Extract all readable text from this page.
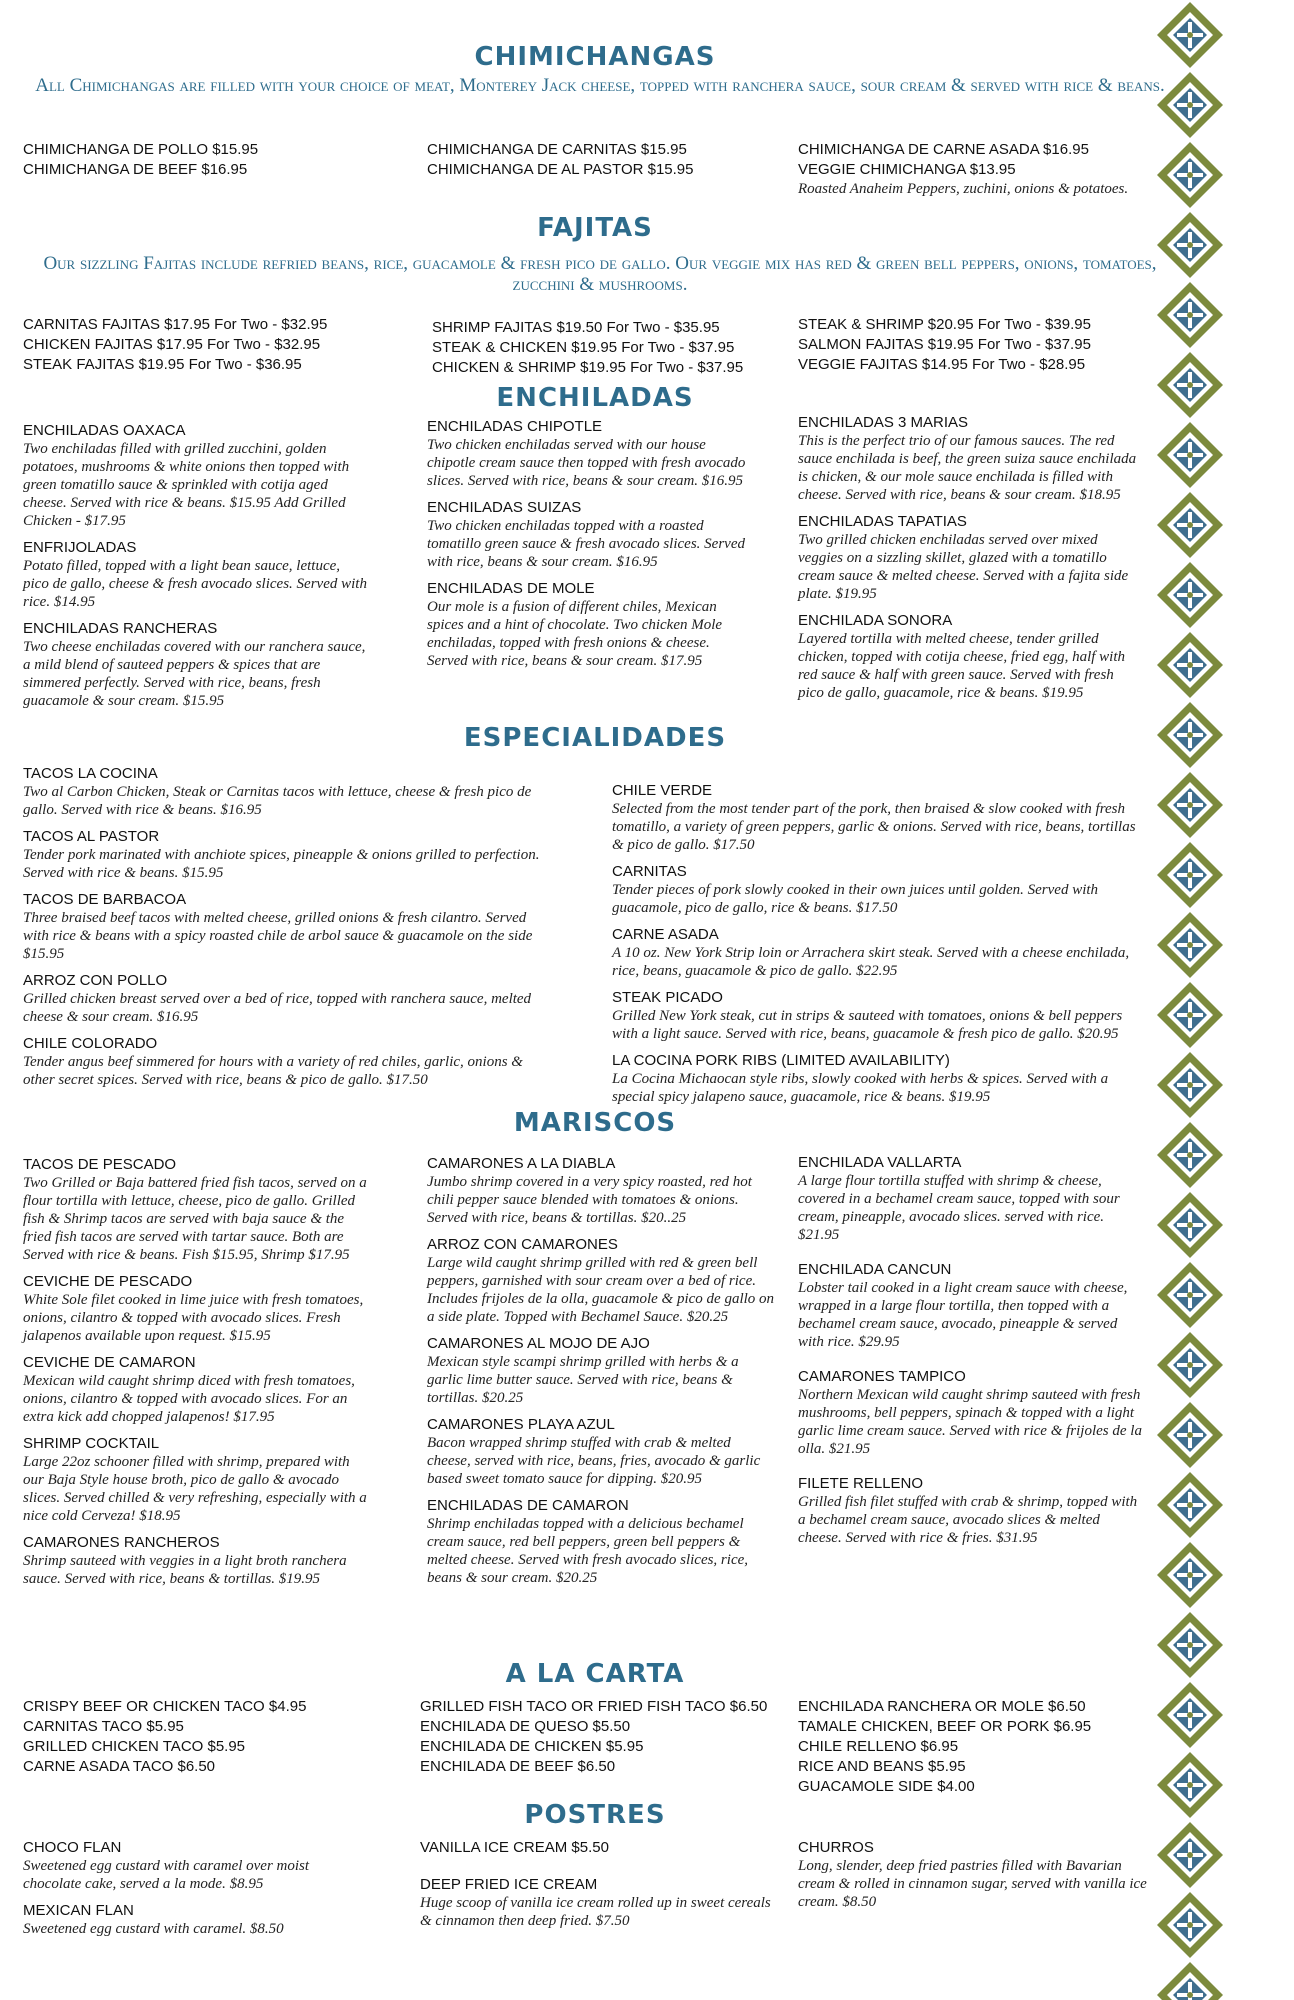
CHIMICHANGAS

All Chimichangas are filled with your choice of meat, Monterey Jack cheese, topped with ranchera sauce, sour cream & served with rice & beans.

CHIMICHANGA DE POLLO $15.95
CHIMICHANGA DE BEEF $16.95
CHIMICHANGA DE CARNITAS $15.95
CHIMICHANGA DE AL PASTOR $15.95
CHIMICHANGA DE CARNE ASADA $16.95
VEGGIE CHIMICHANGA $13.95
Roasted Anaheim Peppers, zuchini, onions & potatoes.
FAJITAS

Our sizzling Fajitas include refried beans, rice, guacamole & fresh pico de gallo. Our veggie mix has red & green bell peppers, onions, tomatoes, zucchini & mushrooms.

CARNITAS FAJITAS $17.95 For Two - $32.95
CHICKEN FAJITAS $17.95 For Two - $32.95
STEAK FAJITAS $19.95 For Two - $36.95
SHRIMP FAJITAS $19.50 For Two - $35.95
STEAK & CHICKEN $19.95 For Two - $37.95
CHICKEN & SHRIMP $19.95 For Two - $37.95
STEAK & SHRIMP $20.95 For Two - $39.95
SALMON FAJITAS $19.95 For Two - $37.95
VEGGIE FAJITAS $14.95 For Two - $28.95
ENCHILADAS
ENCHILADAS OAXACA
Two enchiladas filled with grilled zucchini, golden potatoes, mushrooms & white onions then topped with green tomatillo sauce & sprinkled with cotija aged cheese. Served with rice & beans. $15.95 Add Grilled Chicken - $17.95
ENFRIJOLADAS
Potato filled, topped with a light bean sauce, lettuce, pico de gallo, cheese & fresh avocado slices. Served with rice. $14.95
ENCHILADAS RANCHERAS
Two cheese enchiladas covered with our ranchera sauce, a mild blend of sauteed peppers & spices that are simmered perfectly. Served with rice, beans, fresh guacamole & sour cream. $15.95
ENCHILADAS CHIPOTLE
Two chicken enchiladas served with our house chipotle cream sauce then topped with fresh avocado slices. Served with rice, beans & sour cream. $16.95
ENCHILADAS SUIZAS
Two chicken enchiladas topped with a roasted tomatillo green sauce & fresh avocado slices. Served with rice, beans & sour cream. $16.95
ENCHILADAS DE MOLE
Our mole is a fusion of different chiles, Mexican spices and a hint of chocolate. Two chicken Mole enchiladas, topped with fresh onions & cheese. Served with rice, beans & sour cream. $17.95
ENCHILADAS 3 MARIAS
This is the perfect trio of our famous sauces. The red sauce enchilada is beef, the green suiza sauce enchilada is chicken, & our mole sauce enchilada is filled with cheese. Served with rice, beans & sour cream. $18.95
ENCHILADAS TAPATIAS
Two grilled chicken enchiladas served over mixed veggies on a sizzling skillet, glazed with a tomatillo cream sauce & melted cheese. Served with a fajita side plate. $19.95
ENCHILADA SONORA
Layered tortilla with melted cheese, tender grilled chicken, topped with cotija cheese, fried egg, half with red sauce & half with green sauce. Served with fresh pico de gallo, guacamole, rice & beans. $19.95
ESPECIALIDADES
TACOS LA COCINA
Two al Carbon Chicken, Steak or Carnitas tacos with lettuce, cheese & fresh pico de gallo. Served with rice & beans. $16.95
TACOS AL PASTOR
Tender pork marinated with anchiote spices, pineapple & onions grilled to perfection. Served with rice & beans. $15.95
TACOS DE BARBACOA
Three braised beef tacos with melted cheese, grilled onions & fresh cilantro. Served with rice & beans with a spicy roasted chile de arbol sauce & guacamole on the side $15.95
ARROZ CON POLLO
Grilled chicken breast served over a bed of rice, topped with ranchera sauce, melted cheese & sour cream. $16.95
CHILE COLORADO
Tender angus beef simmered for hours with a variety of red chiles, garlic, onions & other secret spices. Served with rice, beans & pico de gallo. $17.50
CHILE VERDE
Selected from the most tender part of the pork, then braised & slow cooked with fresh tomatillo, a variety of green peppers, garlic & onions. Served with rice, beans, tortillas & pico de gallo. $17.50
CARNITAS
Tender pieces of pork slowly cooked in their own juices until golden. Served with guacamole, pico de gallo, rice & beans. $17.50
CARNE ASADA
A 10 oz. New York Strip loin or Arrachera skirt steak. Served with a cheese enchilada, rice, beans, guacamole & pico de gallo. $22.95
STEAK PICADO
Grilled New York steak, cut in strips & sauteed with tomatoes, onions & bell peppers with a light sauce. Served with rice, beans, guacamole & fresh pico de gallo. $20.95
LA COCINA PORK RIBS (LIMITED AVAILABILITY)
La Cocina Michaocan style ribs, slowly cooked with herbs & spices. Served with a special spicy jalapeno sauce, guacamole, rice & beans. $19.95
MARISCOS
TACOS DE PESCADO
Two Grilled or Baja battered fried fish tacos, served on a flour tortilla with lettuce, cheese, pico de gallo. Grilled fish & Shrimp tacos are served with baja sauce & the fried fish tacos are served with tartar sauce. Both are Served with rice & beans. Fish $15.95, Shrimp $17.95
CEVICHE DE PESCADO
White Sole filet cooked in lime juice with fresh tomatoes, onions, cilantro & topped with avocado slices. Fresh jalapenos available upon request. $15.95
CEVICHE DE CAMARON
Mexican wild caught shrimp diced with fresh tomatoes, onions, cilantro & topped with avocado slices. For an extra kick add chopped jalapenos! $17.95
SHRIMP COCKTAIL
Large 22oz schooner filled with shrimp, prepared with our Baja Style house broth, pico de gallo & avocado slices. Served chilled & very refreshing, especially with a nice cold Cerveza! $18.95
CAMARONES RANCHEROS
Shrimp sauteed with veggies in a light broth ranchera sauce. Served with rice, beans & tortillas. $19.95
CAMARONES A LA DIABLA
Jumbo shrimp covered in a very spicy roasted, red hot chili pepper sauce blended with tomatoes & onions. Served with rice, beans & tortillas. $20..25
ARROZ CON CAMARONES
Large wild caught shrimp grilled with red & green bell peppers, garnished with sour cream over a bed of rice. Includes frijoles de la olla, guacamole & pico de gallo on a side plate. Topped with Bechamel Sauce. $20.25
CAMARONES AL MOJO DE AJO
Mexican style scampi shrimp grilled with herbs & a garlic lime butter sauce. Served with rice, beans & tortillas. $20.25
CAMARONES PLAYA AZUL
Bacon wrapped shrimp stuffed with crab & melted cheese, served with rice, beans, fries, avocado & garlic based sweet tomato sauce for dipping. $20.95
ENCHILADAS DE CAMARON
Shrimp enchiladas topped with a delicious bechamel cream sauce, red bell peppers, green bell peppers & melted cheese. Served with fresh avocado slices, rice, beans & sour cream. $20.25
ENCHILADA VALLARTA
A large flour tortilla stuffed with shrimp & cheese, covered in a bechamel cream sauce, topped with sour cream, pineapple, avocado slices. served with rice. $21.95
ENCHILADA CANCUN
Lobster tail cooked in a light cream sauce with cheese, wrapped in a large flour tortilla, then topped with a bechamel cream sauce, avocado, pineapple & served with rice. $29.95
CAMARONES TAMPICO
Northern Mexican wild caught shrimp sauteed with fresh mushrooms, bell peppers, spinach & topped with a light garlic lime cream sauce. Served with rice & frijoles de la olla. $21.95
FILETE RELLENO
Grilled fish filet stuffed with crab & shrimp, topped with a bechamel cream sauce, avocado slices & melted cheese. Served with rice & fries. $31.95
A LA CARTA
CRISPY BEEF OR CHICKEN TACO $4.95
CARNITAS TACO $5.95
GRILLED CHICKEN TACO $5.95
CARNE ASADA TACO $6.50
GRILLED FISH TACO OR FRIED FISH TACO $6.50
ENCHILADA DE QUESO $5.50
ENCHILADA DE CHICKEN $5.95
ENCHILADA DE BEEF $6.50
ENCHILADA RANCHERA OR MOLE $6.50
TAMALE CHICKEN, BEEF OR PORK $6.95
CHILE RELLENO $6.95
RICE AND BEANS $5.95
GUACAMOLE SIDE $4.00
POSTRES
CHOCO FLAN
Sweetened egg custard with caramel over moist chocolate cake, served a la mode. $8.95
MEXICAN FLAN
Sweetened egg custard with caramel. $8.50
VANILLA ICE CREAM $5.50
DEEP FRIED ICE CREAM
Huge scoop of vanilla ice cream rolled up in sweet cereals & cinnamon then deep fried. $7.50
CHURROS
Long, slender, deep fried pastries filled with Bavarian cream & rolled in cinnamon sugar, served with vanilla ice cream. $8.50
